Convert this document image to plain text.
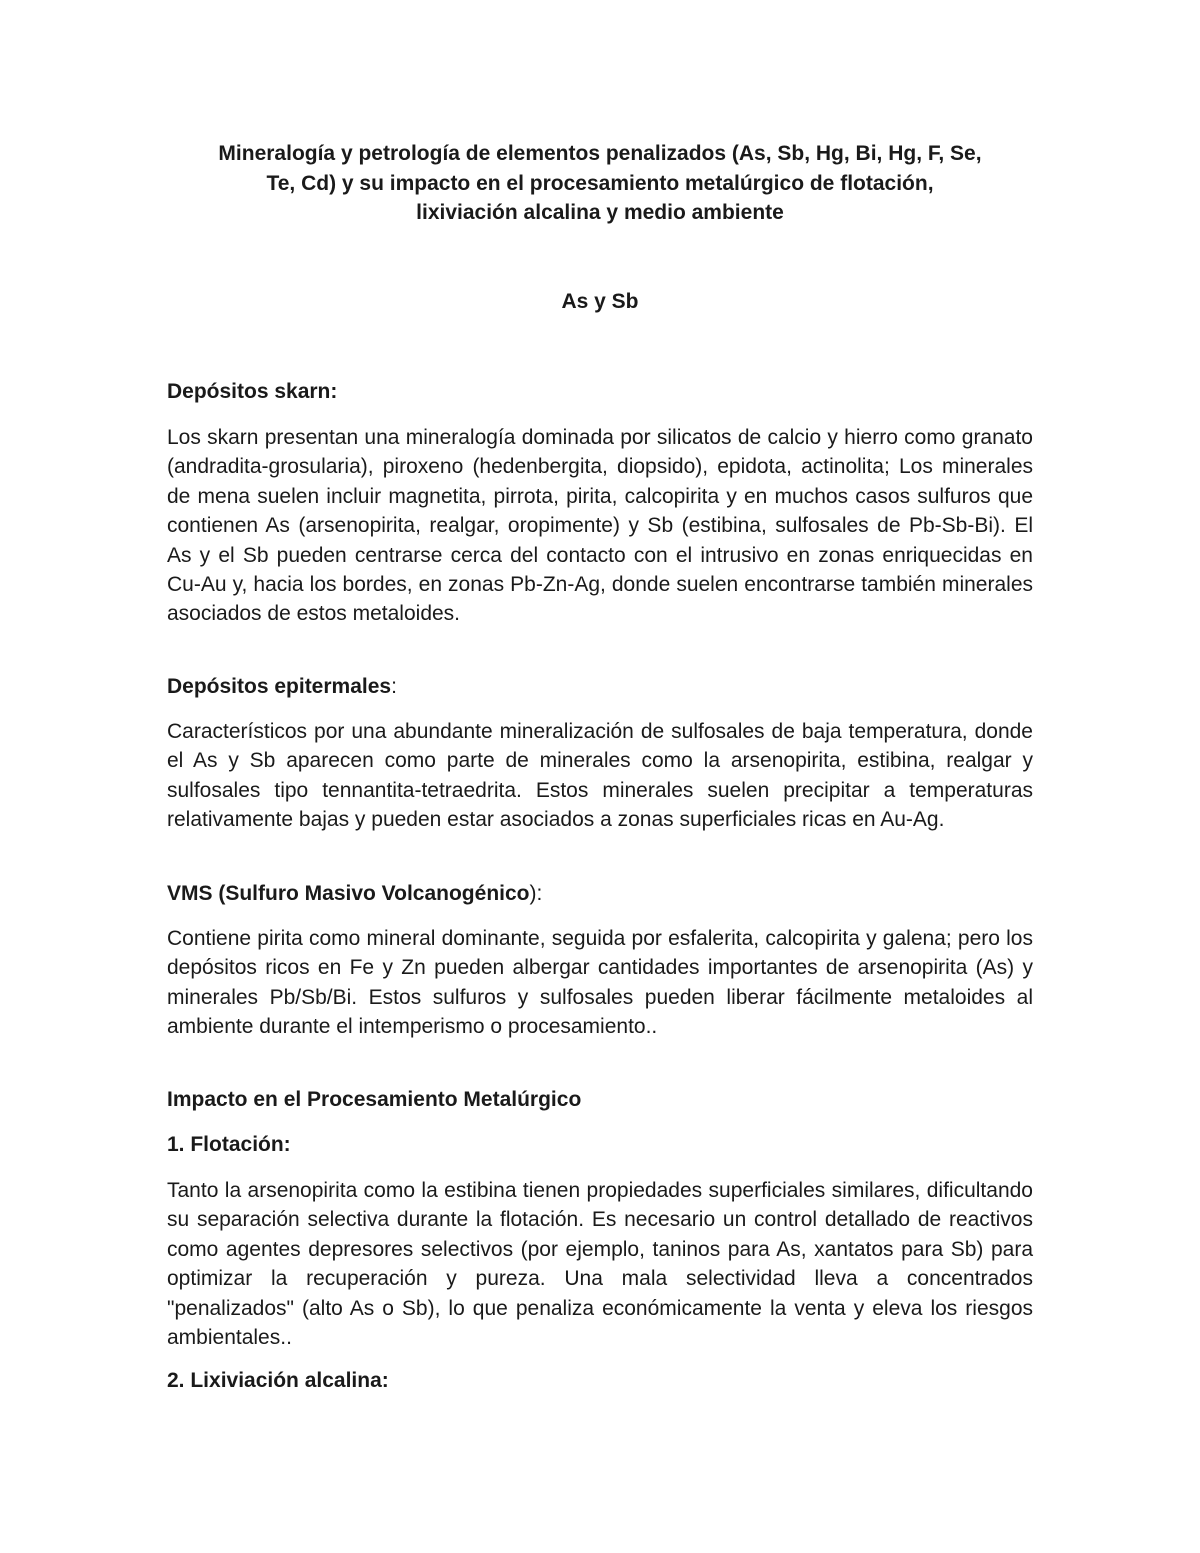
Mineralogía y petrología de elementos penalizados (As, Sb, Hg, Bi, Hg, F, Se,
Te, Cd) y su impacto en el procesamiento metalúrgico de flotación,
lixiviación alcalina y medio ambiente
As y Sb
Depósitos skarn:

Los skarn presentan una mineralogía dominada por silicatos de calcio y hierro como granato (andradita-grosularia), piroxeno (hedenbergita, diopsido), epidota, actinolita; Los minerales de mena suelen incluir magnetita, pirrota, pirita, calcopirita y en muchos casos sulfuros que contienen As (arsenopirita, realgar, oropimente) y Sb (estibina, sulfosales de Pb-Sb-Bi). El As y el Sb pueden centrarse cerca del contacto con el intrusivo en zonas enriquecidas en Cu-Au y, hacia los bordes, en zonas Pb-Zn-Ag, donde suelen encontrarse también minerales asociados de estos metaloides.

Depósitos epitermales:

Característicos por una abundante mineralización de sulfosales de baja temperatura, donde el As y Sb aparecen como parte de minerales como la arsenopirita, estibina, realgar y sulfosales tipo tennantita-tetraedrita. Estos minerales suelen precipitar a temperaturas relativamente bajas y pueden estar asociados a zonas superficiales ricas en Au-Ag.

VMS (Sulfuro Masivo Volcanogénico):

Contiene pirita como mineral dominante, seguida por esfalerita, calcopirita y galena; pero los depósitos ricos en Fe y Zn pueden albergar cantidades importantes de arsenopirita (As) y minerales Pb/Sb/Bi. Estos sulfuros y sulfosales pueden liberar fácilmente metaloides al ambiente durante el intemperismo o procesamiento..

Impacto en el Procesamiento Metalúrgico
1. Flotación:

Tanto la arsenopirita como la estibina tienen propiedades superficiales similares, dificultando su separación selectiva durante la flotación. Es necesario un control detallado de reactivos como agentes depresores selectivos (por ejemplo, taninos para As, xantatos para Sb) para optimizar la recuperación y pureza. Una mala selectividad lleva a concentrados "penalizados" (alto As o Sb), lo que penaliza económicamente la venta y eleva los riesgos ambientales..

2. Lixiviación alcalina:
